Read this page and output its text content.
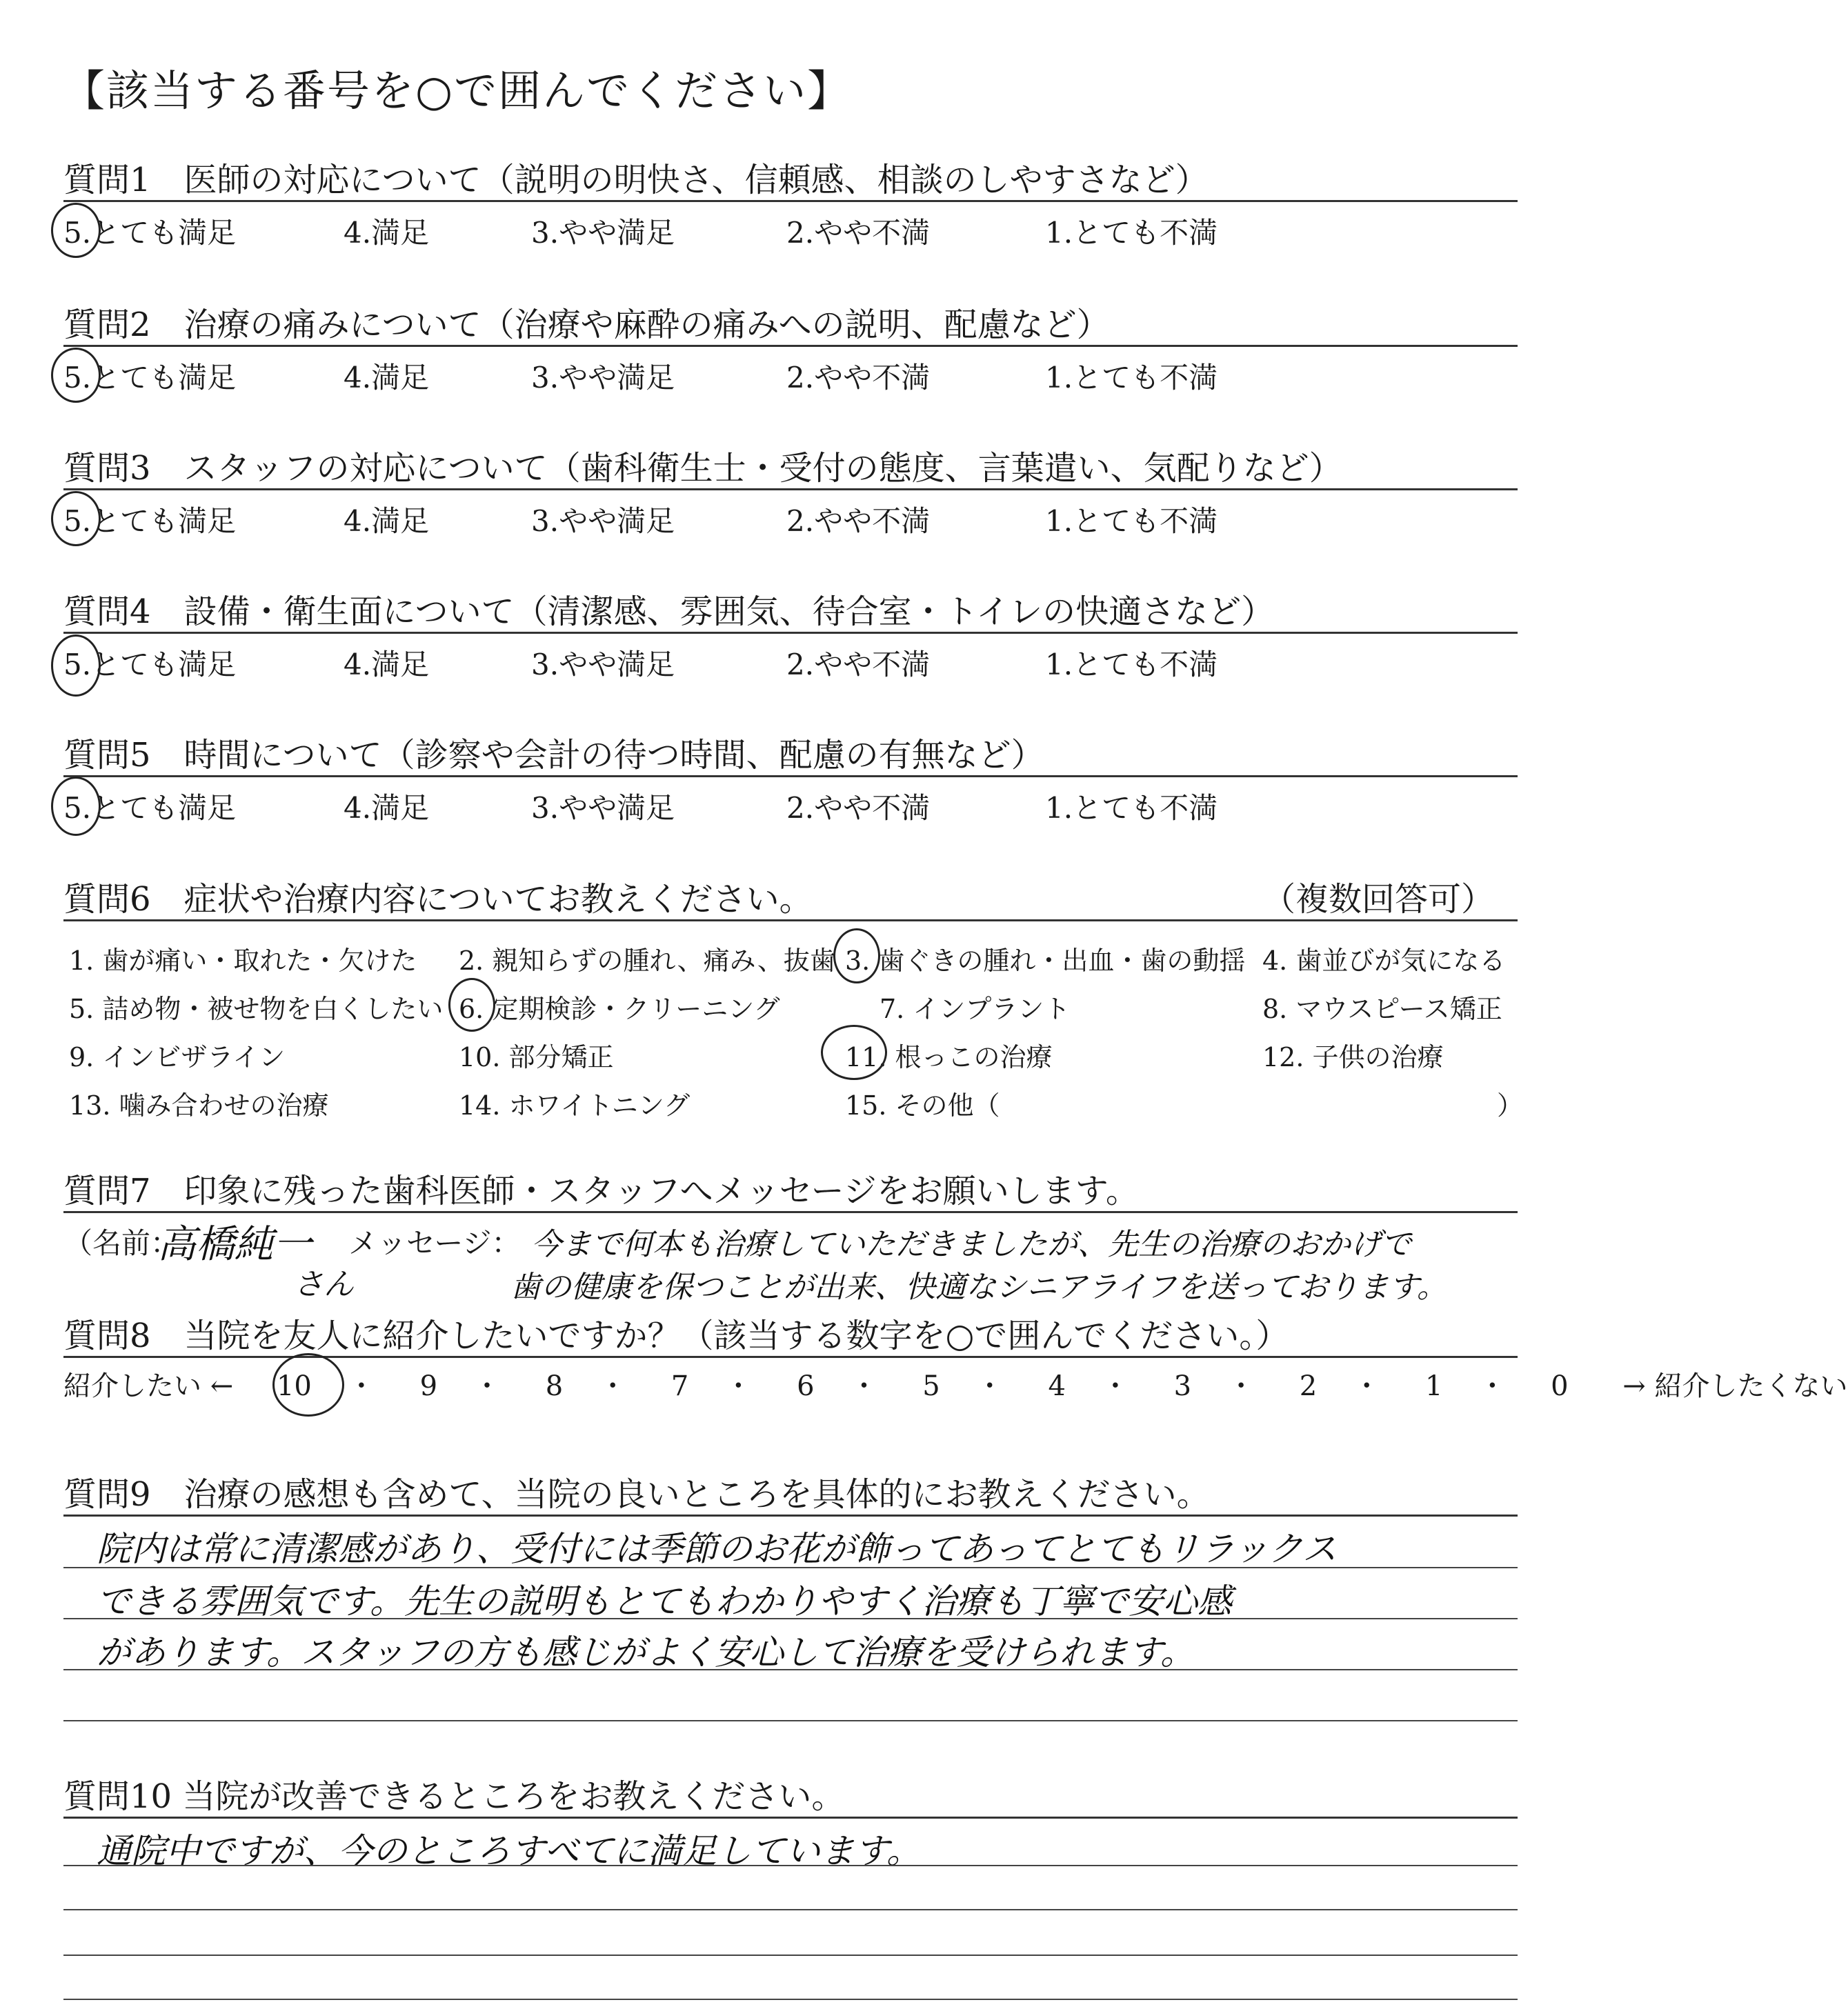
【該当する番号を○で囲んでください】
質問1　医師の対応について（説明の明快さ、信頼感、相談のしやすさなど）
5.とても満足	4.満足	3.やや満足	2.やや不満	1.とても不満
質問2　治療の痛みについて（治療や麻酔の痛みへの説明、配慮など）
5.とても満足	4.満足	3.やや満足	2.やや不満	1.とても不満
質問3　スタッフの対応について（歯科衛生士・受付の態度、言葉遣い、気配りなど）
5.とても満足	4.満足	3.やや満足	2.やや不満	1.とても不満
質問4　設備・衛生面について（清潔感、雰囲気、待合室・トイレの快適さなど）
5.とても満足	4.満足	3.やや満足	2.やや不満	1.とても不満
質問5　時間について（診察や会計の待つ時間、配慮の有無など）
5.とても満足	4.満足	3.やや満足	2.やや不満	1.とても不満
質問6　症状や治療内容についてお教えください。	（複数回答可）
1. 歯が痛い・取れた・欠けた 2. 親知らずの腫れ、痛み、抜歯 3. 歯ぐきの腫れ・出血・歯の動揺 4. 歯並びが気になる
5. 詰め物・被せ物を白くしたい 6. 定期検診・クリーニング	7. インプラント	8. マウスピース矯正
9. インビザライン	10. 部分矯正	11. 根っこの治療	12. 子供の治療
13. 噛み合わせの治療	14. ホワイトニング	15. その他（	）
質問7　印象に残った歯科医師・スタッフへメッセージをお願いします。
（名前：
高橋純一
さん
メッセージ： 今まで何本も治療していただきましたが、先生の治療のおかげで
歯の健康を保つことが出来、快適なシニアライフを送っております。
質問8　当院を友人に紹介したいですか？（該当する数字を○で囲んでください。）
紹介したい ← 10 ・ 9 ・ 8 ・ 7 ・ 6 ・ 5 ・ 4 ・ 3 ・ 2 ・ 1 ・ 0 → 紹介したくない
質問9　治療の感想も含めて、当院の良いところを具体的にお教えください。
院内は常に清潔感があり、受付には季節のお花が飾ってあってとてもリラックス
できる雰囲気です。先生の説明もとてもわかりやすく治療も丁寧で安心感
があります。スタッフの方も感じがよく安心して治療を受けられます。
質問10 当院が改善できるところをお教えください。
通院中ですが、今のところすべてに満足しています。
